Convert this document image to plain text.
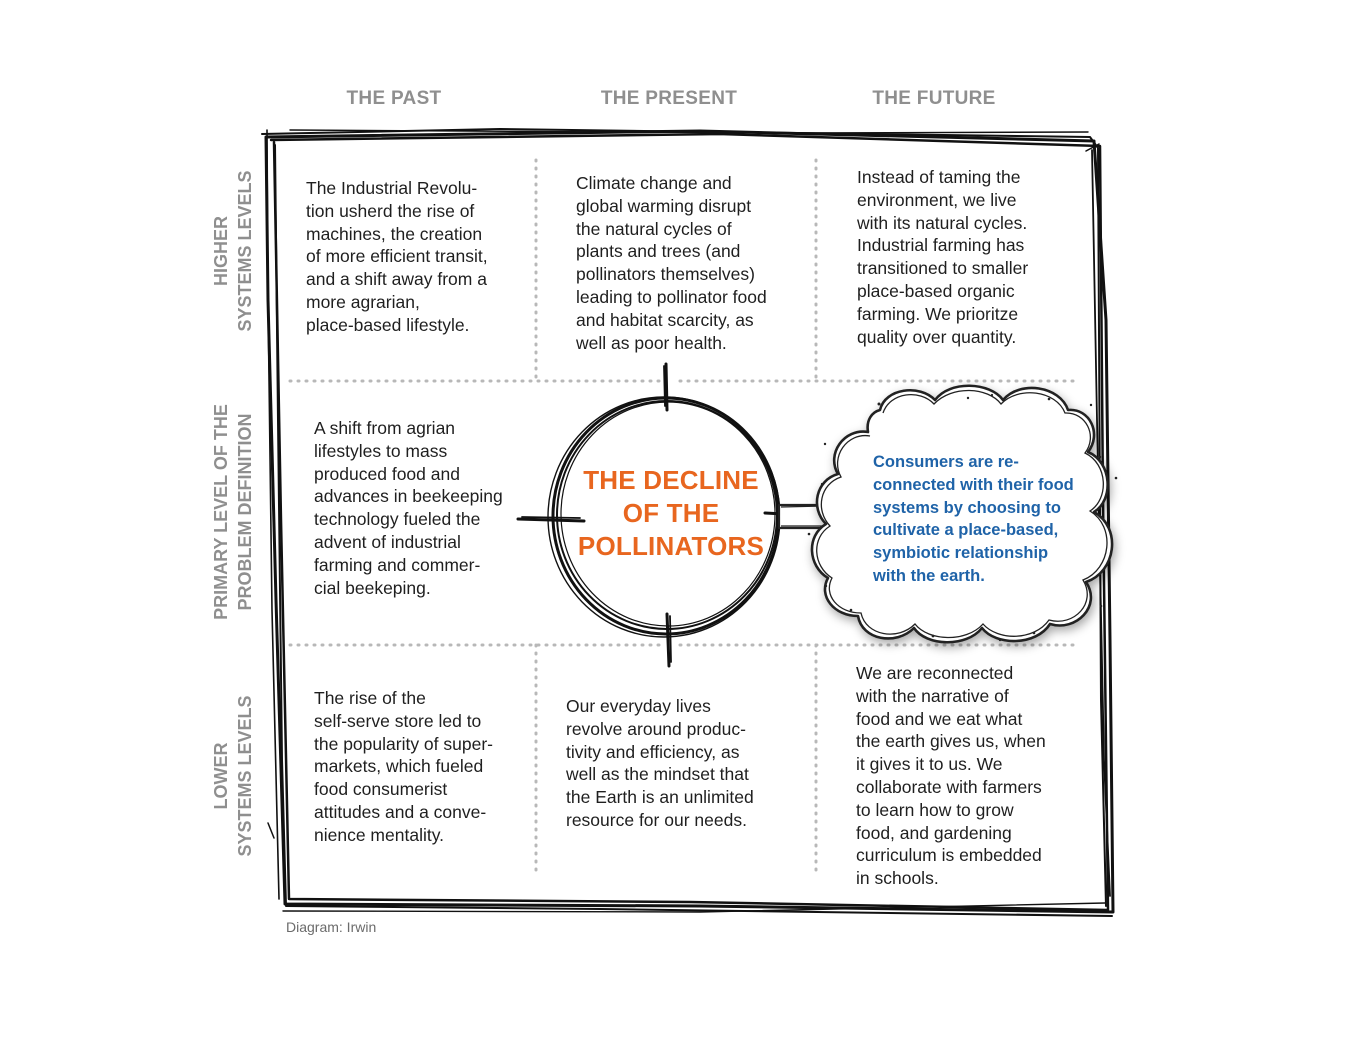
THE PAST	THE PRESENT	THE FUTURE
HIGHER SYSTEMS LEVELS
PRIMARY LEVEL OF THE PROBLEM DEFINITION
LOWER SYSTEMS LEVELS
The Industrial Revolu-
tion usherd the rise of
machines, the creation
of more efficient transit,
and a shift away from a
more agrarian,
place-based lifestyle.
Climate change and
global warming disrupt
the natural cycles of
plants and trees (and
pollinators themselves)
leading to pollinator food
and habitat scarcity, as
well as poor health.
Instead of taming the
environment, we live
with its natural cycles.
Industrial farming has
transitioned to smaller
place-based organic
farming. We prioritze
quality over quantity.
A shift from agrian
lifestyles to mass
produced food and
advances in beekeeping
technology fueled the
advent of industrial
farming and commer-
cial beekeping.
THE DECLINE
OF THE
POLLINATORS
Consumers are re-
connected with their food
systems by choosing to
cultivate a place-based,
symbiotic relationship
with the earth.
The rise of the
self-serve store led to
the popularity of super-
markets, which fueled
food consumerist
attitudes and a conve-
nience mentality.
Our everyday lives
revolve around produc-
tivity and efficiency, as
well as the mindset that
the Earth is an unlimited
resource for our needs.
We are reconnected
with the narrative of
food and we eat what
the earth gives us, when
it gives it to us. We
collaborate with farmers
to learn how to grow
food, and gardening
curriculum is embedded
in schools.
Diagram: Irwin
